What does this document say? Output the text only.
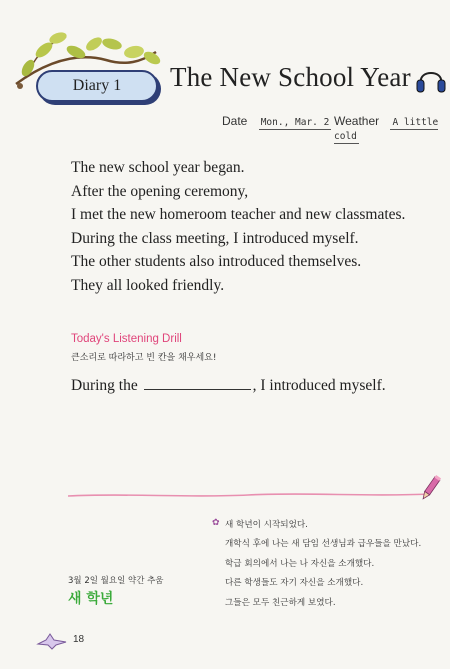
Diary 1	The New School Year
Date Mon., Mar. 2 Weather A little cold
The new school year began.
After the opening ceremony,
I met the new homeroom teacher and new classmates.
During the class meeting, I introduced myself.
The other students also introduced themselves.
They all looked friendly.
Today's Listening Drill
큰소리로 따라하고 빈 칸을 채우세요!
During the	, I introduced myself.
3월 2일 월요일 약간 추움
새 학년
✿ 새 학년이 시작되었다.
개학식 후에 나는 새 담임 선생님과 급우들을 만났다.
학급 회의에서 나는 나 자신을 소개했다.
다른 학생들도 자기 자신을 소개했다.
그들은 모두 친근하게 보였다.
18
